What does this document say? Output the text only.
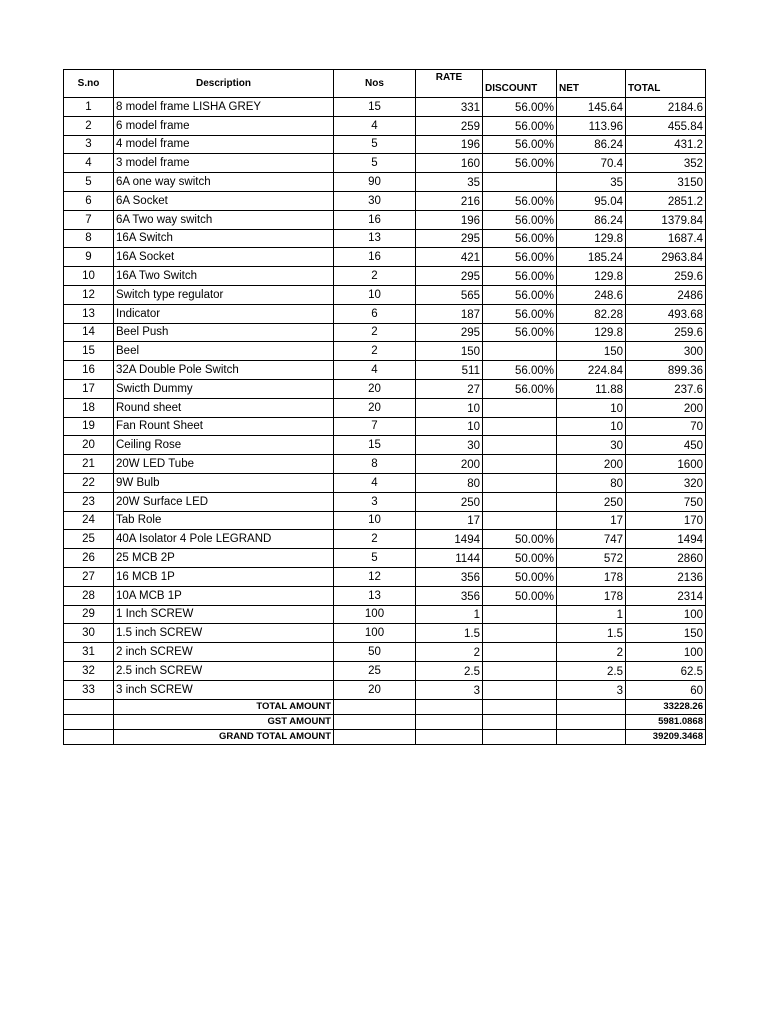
S.no	Description	Nos	RATE	DISCOUNT	NET	TOTAL
1	8 model frame LISHA GREY	15	331	56.00%	145.64	2184.6
2	6 model frame	4	259	56.00%	113.96	455.84
3	4 model frame	5	196	56.00%	86.24	431.2
4	3 model frame	5	160	56.00%	70.4	352
5	6A one way switch	90	35		35	3150
6	6A Socket	30	216	56.00%	95.04	2851.2
7	6A Two way switch	16	196	56.00%	86.24	1379.84
8	16A Switch	13	295	56.00%	129.8	1687.4
9	16A Socket	16	421	56.00%	185.24	2963.84
10	16A Two Switch	2	295	56.00%	129.8	259.6
12	Switch type regulator	10	565	56.00%	248.6	2486
13	Indicator	6	187	56.00%	82.28	493.68
14	Beel Push	2	295	56.00%	129.8	259.6
15	Beel	2	150		150	300
16	32A Double Pole Switch	4	511	56.00%	224.84	899.36
17	Swicth Dummy	20	27	56.00%	11.88	237.6
18	Round sheet	20	10		10	200
19	Fan Rount Sheet	7	10		10	70
20	Ceiling Rose	15	30		30	450
21	20W LED Tube	8	200		200	1600
22	9W Bulb	4	80		80	320
23	20W Surface LED	3	250		250	750
24	Tab Role	10	17		17	170
25	40A Isolator 4 Pole LEGRAND	2	1494	50.00%	747	1494
26	25 MCB 2P	5	1144	50.00%	572	2860
27	16 MCB 1P	12	356	50.00%	178	2136
28	10A MCB 1P	13	356	50.00%	178	2314
29	1 Inch SCREW	100	1		1	100
30	1.5 inch SCREW	100	1.5		1.5	150
31	2 inch SCREW	50	2		2	100
32	2.5 inch SCREW	25	2.5		2.5	62.5
33	3 inch SCREW	20	3		3	60
	TOTAL AMOUNT					33228.26
	GST AMOUNT					5981.0868
	GRAND TOTAL AMOUNT					39209.3468
